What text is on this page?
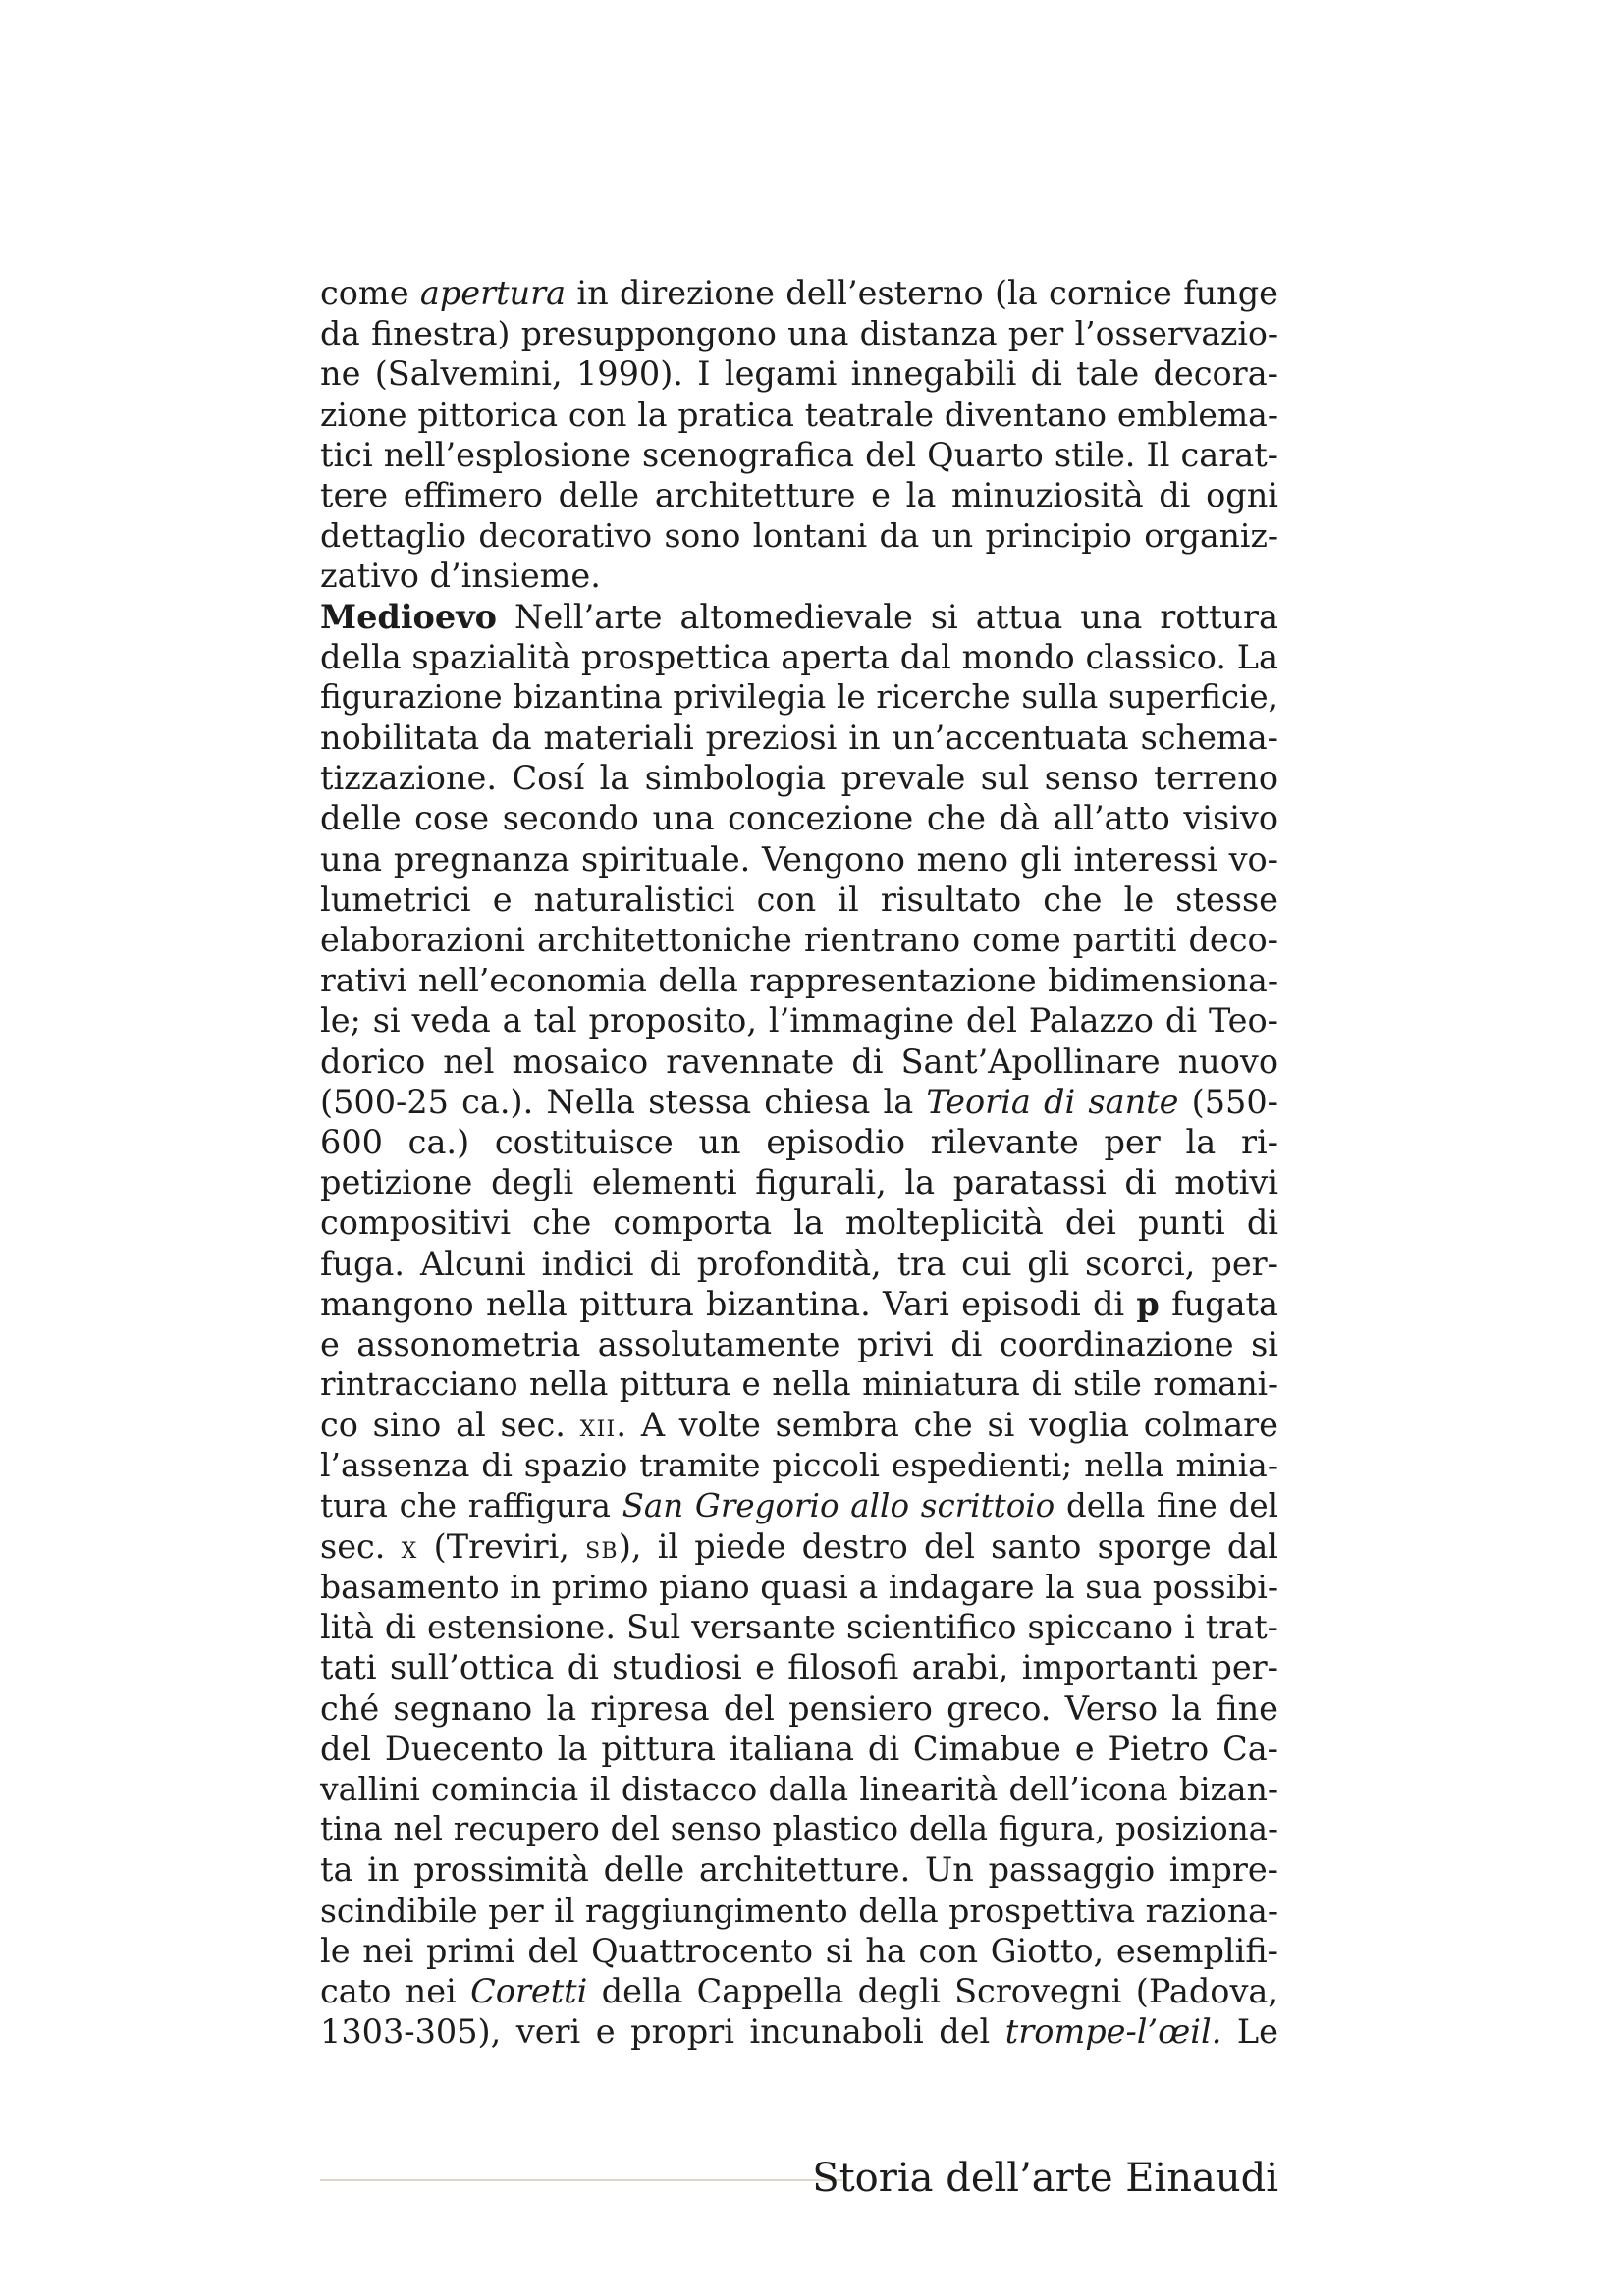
come apertura in direzione dell’esterno (la cornice funge
da finestra) presuppongono una distanza per l’osservazio-
ne (Salvemini, 1990). I legami innegabili di tale decora-
zione pittorica con la pratica teatrale diventano emblema-
tici nell’esplosione scenografica del Quarto stile. Il carat-
tere effimero delle architetture e la minuziosità di ogni
dettaglio decorativo sono lontani da un principio organiz-
zativo d’insieme.
Medioevo Nell’arte altomedievale si attua una rottura
della spazialità prospettica aperta dal mondo classico. La
figurazione bizantina privilegia le ricerche sulla superficie,
nobilitata da materiali preziosi in un’accentuata schema-
tizzazione. Cosí la simbologia prevale sul senso terreno
delle cose secondo una concezione che dà all’atto visivo
una pregnanza spirituale. Vengono meno gli interessi vo-
lumetrici e naturalistici con il risultato che le stesse
elaborazioni architettoniche rientrano come partiti deco-
rativi nell’economia della rappresentazione bidimensiona-
le; si veda a tal proposito, l’immagine del Palazzo di Teo-
dorico nel mosaico ravennate di Sant’Apollinare nuovo
(500-25 ca.). Nella stessa chiesa la Teoria di sante (550-
600 ca.) costituisce un episodio rilevante per la ri-
petizione degli elementi figurali, la paratassi di motivi
compositivi che comporta la molteplicità dei punti di
fuga. Alcuni indici di profondità, tra cui gli scorci, per-
mangono nella pittura bizantina. Vari episodi di p fugata
e assonometria assolutamente privi di coordinazione si
rintracciano nella pittura e nella miniatura di stile romani-
co sino al sec. xii. A volte sembra che si voglia colmare
l’assenza di spazio tramite piccoli espedienti; nella minia-
tura che raffigura San Gregorio allo scrittoio della fine del
sec. x (Treviri, sb), il piede destro del santo sporge dal
basamento in primo piano quasi a indagare la sua possibi-
lità di estensione. Sul versante scientifico spiccano i trat-
tati sull’ottica di studiosi e filosofi arabi, importanti per-
ché segnano la ripresa del pensiero greco. Verso la fine
del Duecento la pittura italiana di Cimabue e Pietro Ca-
vallini comincia il distacco dalla linearità dell’icona bizan-
tina nel recupero del senso plastico della figura, posiziona-
ta in prossimità delle architetture. Un passaggio impre-
scindibile per il raggiungimento della prospettiva raziona-
le nei primi del Quattrocento si ha con Giotto, esemplifi-
cato nei Coretti della Cappella degli Scrovegni (Padova,
1303-305), veri e propri incunaboli del trompe-l’œil. Le
Storia dell’arte Einaudi
